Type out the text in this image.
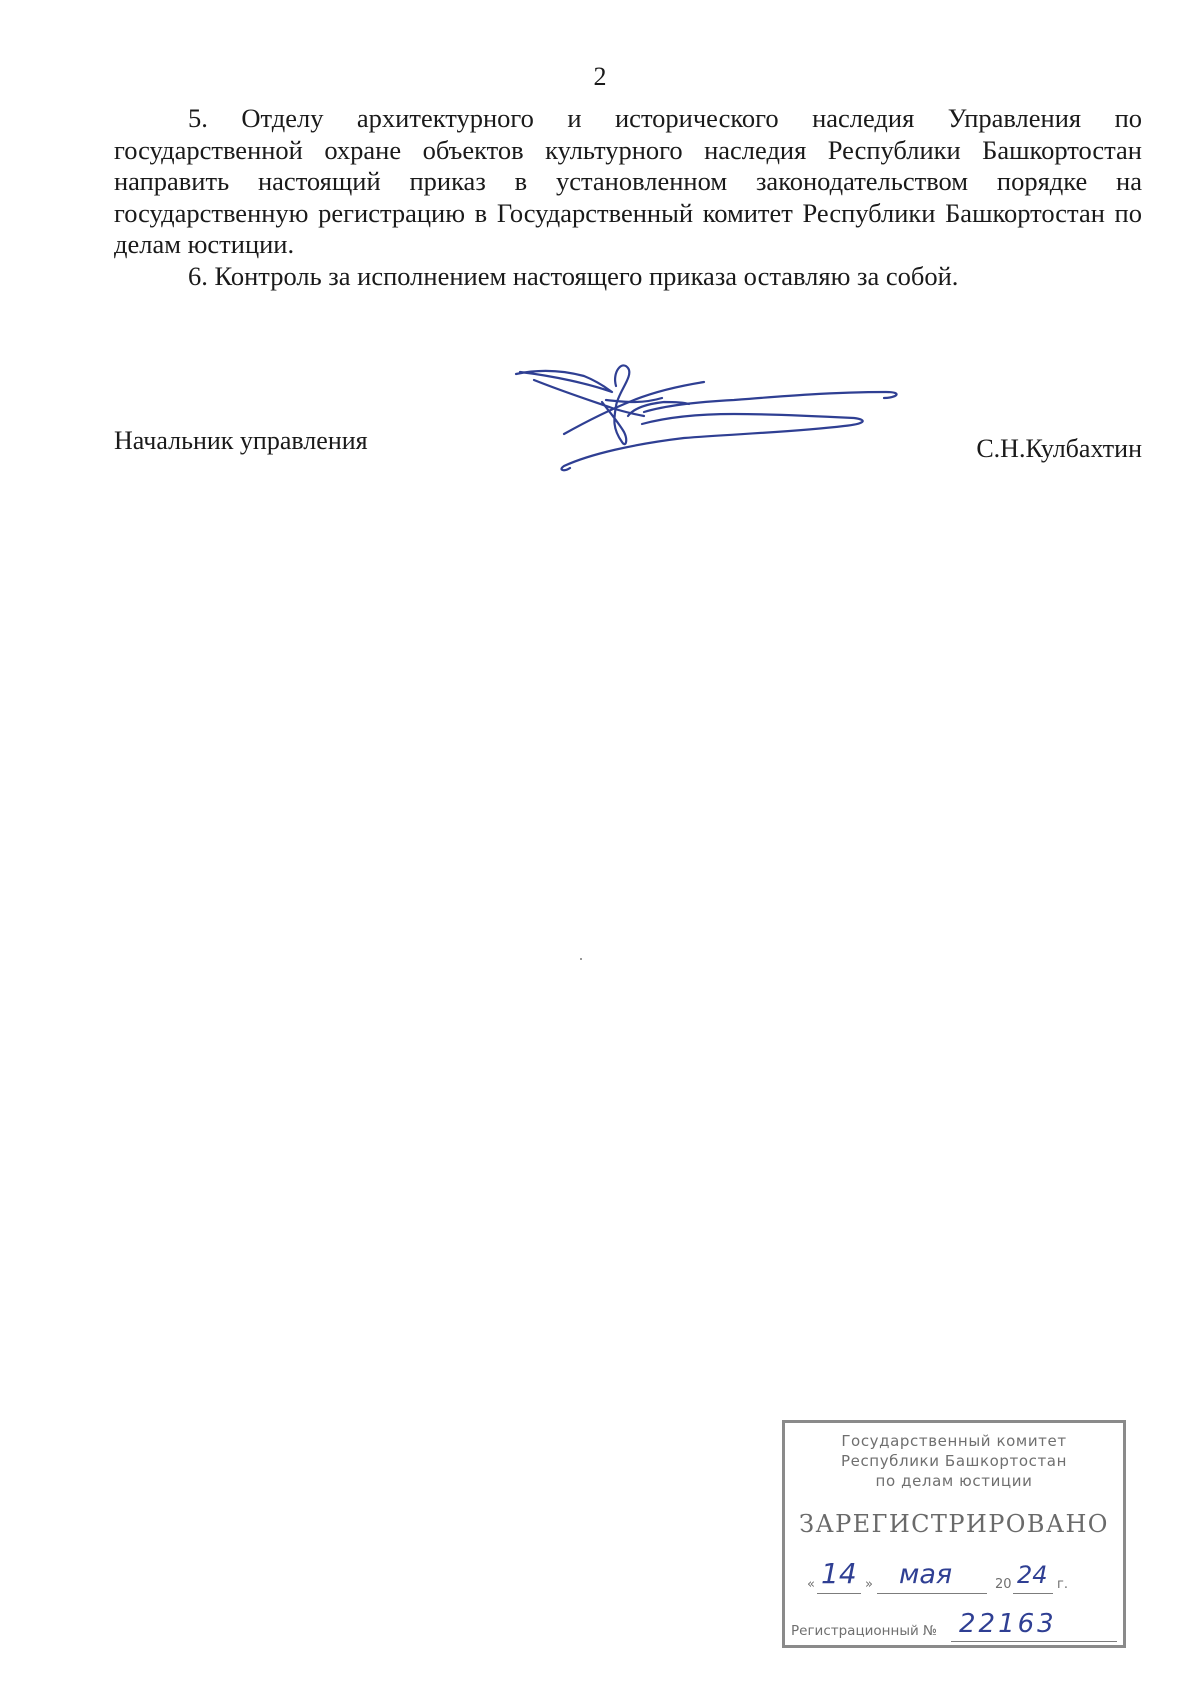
2

5. Отделу архитектурного и исторического наследия Управления по государственной охране объектов культурного наследия Республики Башкортостан направить настоящий приказ в установленном законодательством порядке на государственную регистрацию в Государственный комитет Республики Башкортостан по делам юстиции.

6. Контроль за исполнением настоящего приказа оставляю за собой.

Начальник управления	С.Н.Кулбахтин
Государственный комитет
Республики Башкортостан
по делам юстиции
ЗАРЕГИСТРИРОВАНО
« 14 » мая	20 24 г.
Регистрационный № 22163
